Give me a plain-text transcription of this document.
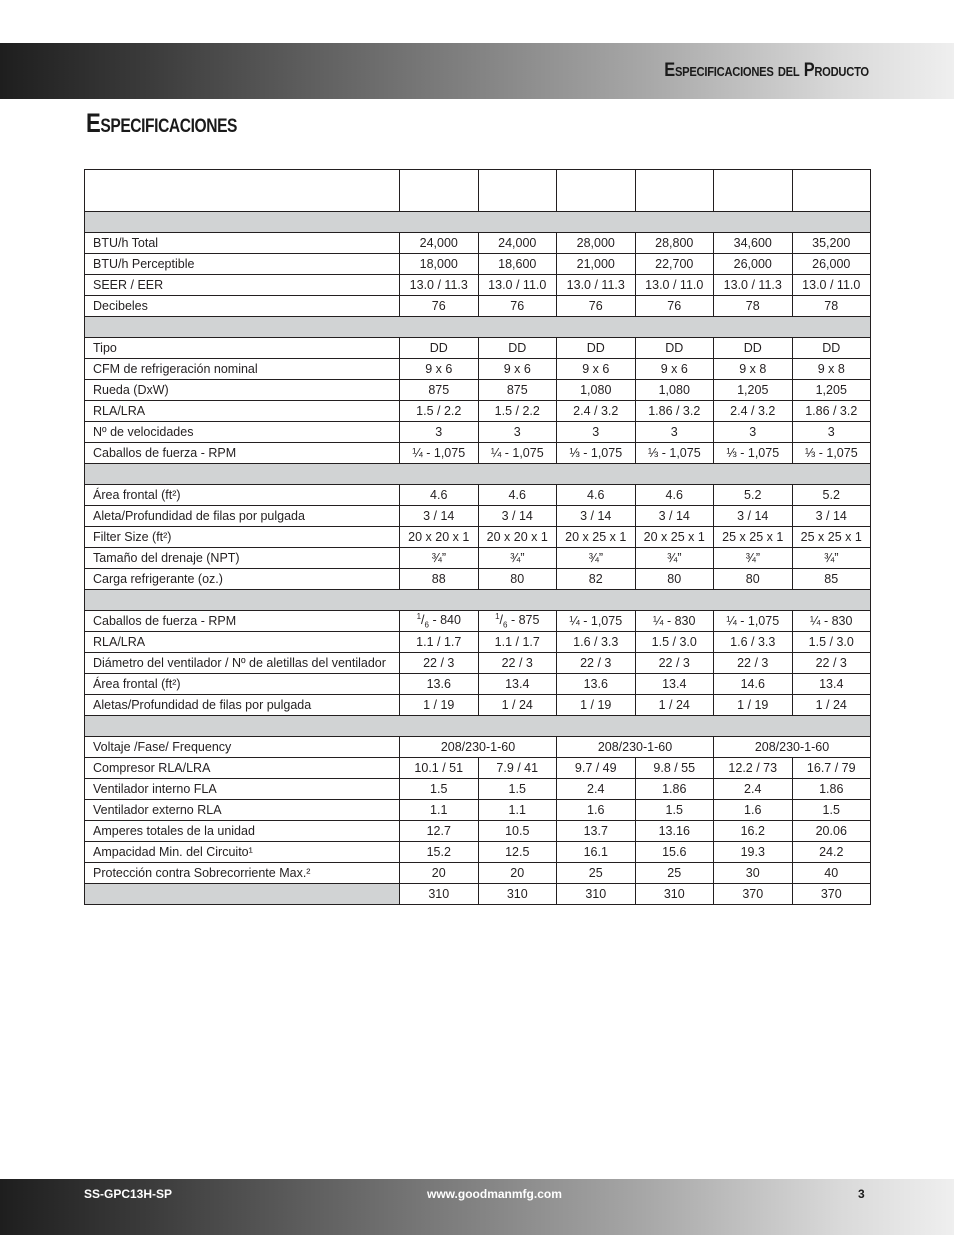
Especificaciones del Producto
Especificaciones

BTU/h Total	24,000	24,000	28,000	28,800	34,600	35,200
BTU/h Perceptible	18,000	18,600	21,000	22,700	26,000	26,000
SEER / EER	13.0 / 11.3	13.0 / 11.0	13.0 / 11.3	13.0 / 11.0	13.0 / 11.3	13.0 / 11.0
Decibeles	76	76	76	76	78	78

Tipo	DD	DD	DD	DD	DD	DD
CFM de refrigeración nominal	9 x 6	9 x 6	9 x 6	9 x 6	9 x 8	9 x 8
Rueda (DxW)	875	875	1,080	1,080	1,205	1,205
RLA/LRA	1.5 / 2.2	1.5 / 2.2	2.4 / 3.2	1.86 / 3.2	2.4 / 3.2	1.86 / 3.2
Nº de velocidades	3	3	3	3	3	3
Caballos de fuerza - RPM	¼ - 1,075	¼ - 1,075	⅓ - 1,075	⅓ - 1,075	⅓ - 1,075	⅓ - 1,075

Área frontal (ft²)	4.6	4.6	4.6	4.6	5.2	5.2
Aleta/Profundidad de filas por pulgada	3 / 14	3 / 14	3 / 14	3 / 14	3 / 14	3 / 14
Filter Size (ft²)	20 x 20 x 1	20 x 20 x 1	20 x 25 x 1	20 x 25 x 1	25 x 25 x 1	25 x 25 x 1
Tamaño del drenaje (NPT)	¾”	¾”	¾”	¾”	¾”	¾”
Carga refrigerante (oz.)	88	80	82	80	80	85

Caballos de fuerza - RPM	$^1/_6 - 840$	$^1/_6 - 875$	¼ - 1,075	¼ - 830	¼ - 1,075	¼ - 830
RLA/LRA	1.1 / 1.7	1.1 / 1.7	1.6 / 3.3	1.5 / 3.0	1.6 / 3.3	1.5 / 3.0
Diámetro del ventilador / Nº de aletillas del ventilador	22 / 3	22 / 3	22 / 3	22 / 3	22 / 3	22 / 3
Área frontal (ft²)	13.6	13.4	13.6	13.4	14.6	13.4
Aletas/Profundidad de filas por pulgada	1 / 19	1 / 24	1 / 19	1 / 24	1 / 19	1 / 24

Voltaje /Fase/ Frequency	208/230-1-60		208/230-1-60		208/230-1-60	
Compresor RLA/LRA	10.1 / 51	7.9 / 41	9.7 / 49	9.8 / 55	12.2 / 73	16.7 / 79
Ventilador interno FLA	1.5	1.5	2.4	1.86	2.4	1.86
Ventilador externo RLA	1.1	1.1	1.6	1.5	1.6	1.5
Amperes totales de la unidad	12.7	10.5	13.7	13.16	16.2	20.06
Ampacidad Min. del Circuito¹	15.2	12.5	16.1	15.6	19.3	24.2
Protección contra Sobrecorriente Max.²	20	20	25	25	30	40
	310	310	310	310	370	370
SS-GPC13H-SP	www.goodmanmfg.com	3
